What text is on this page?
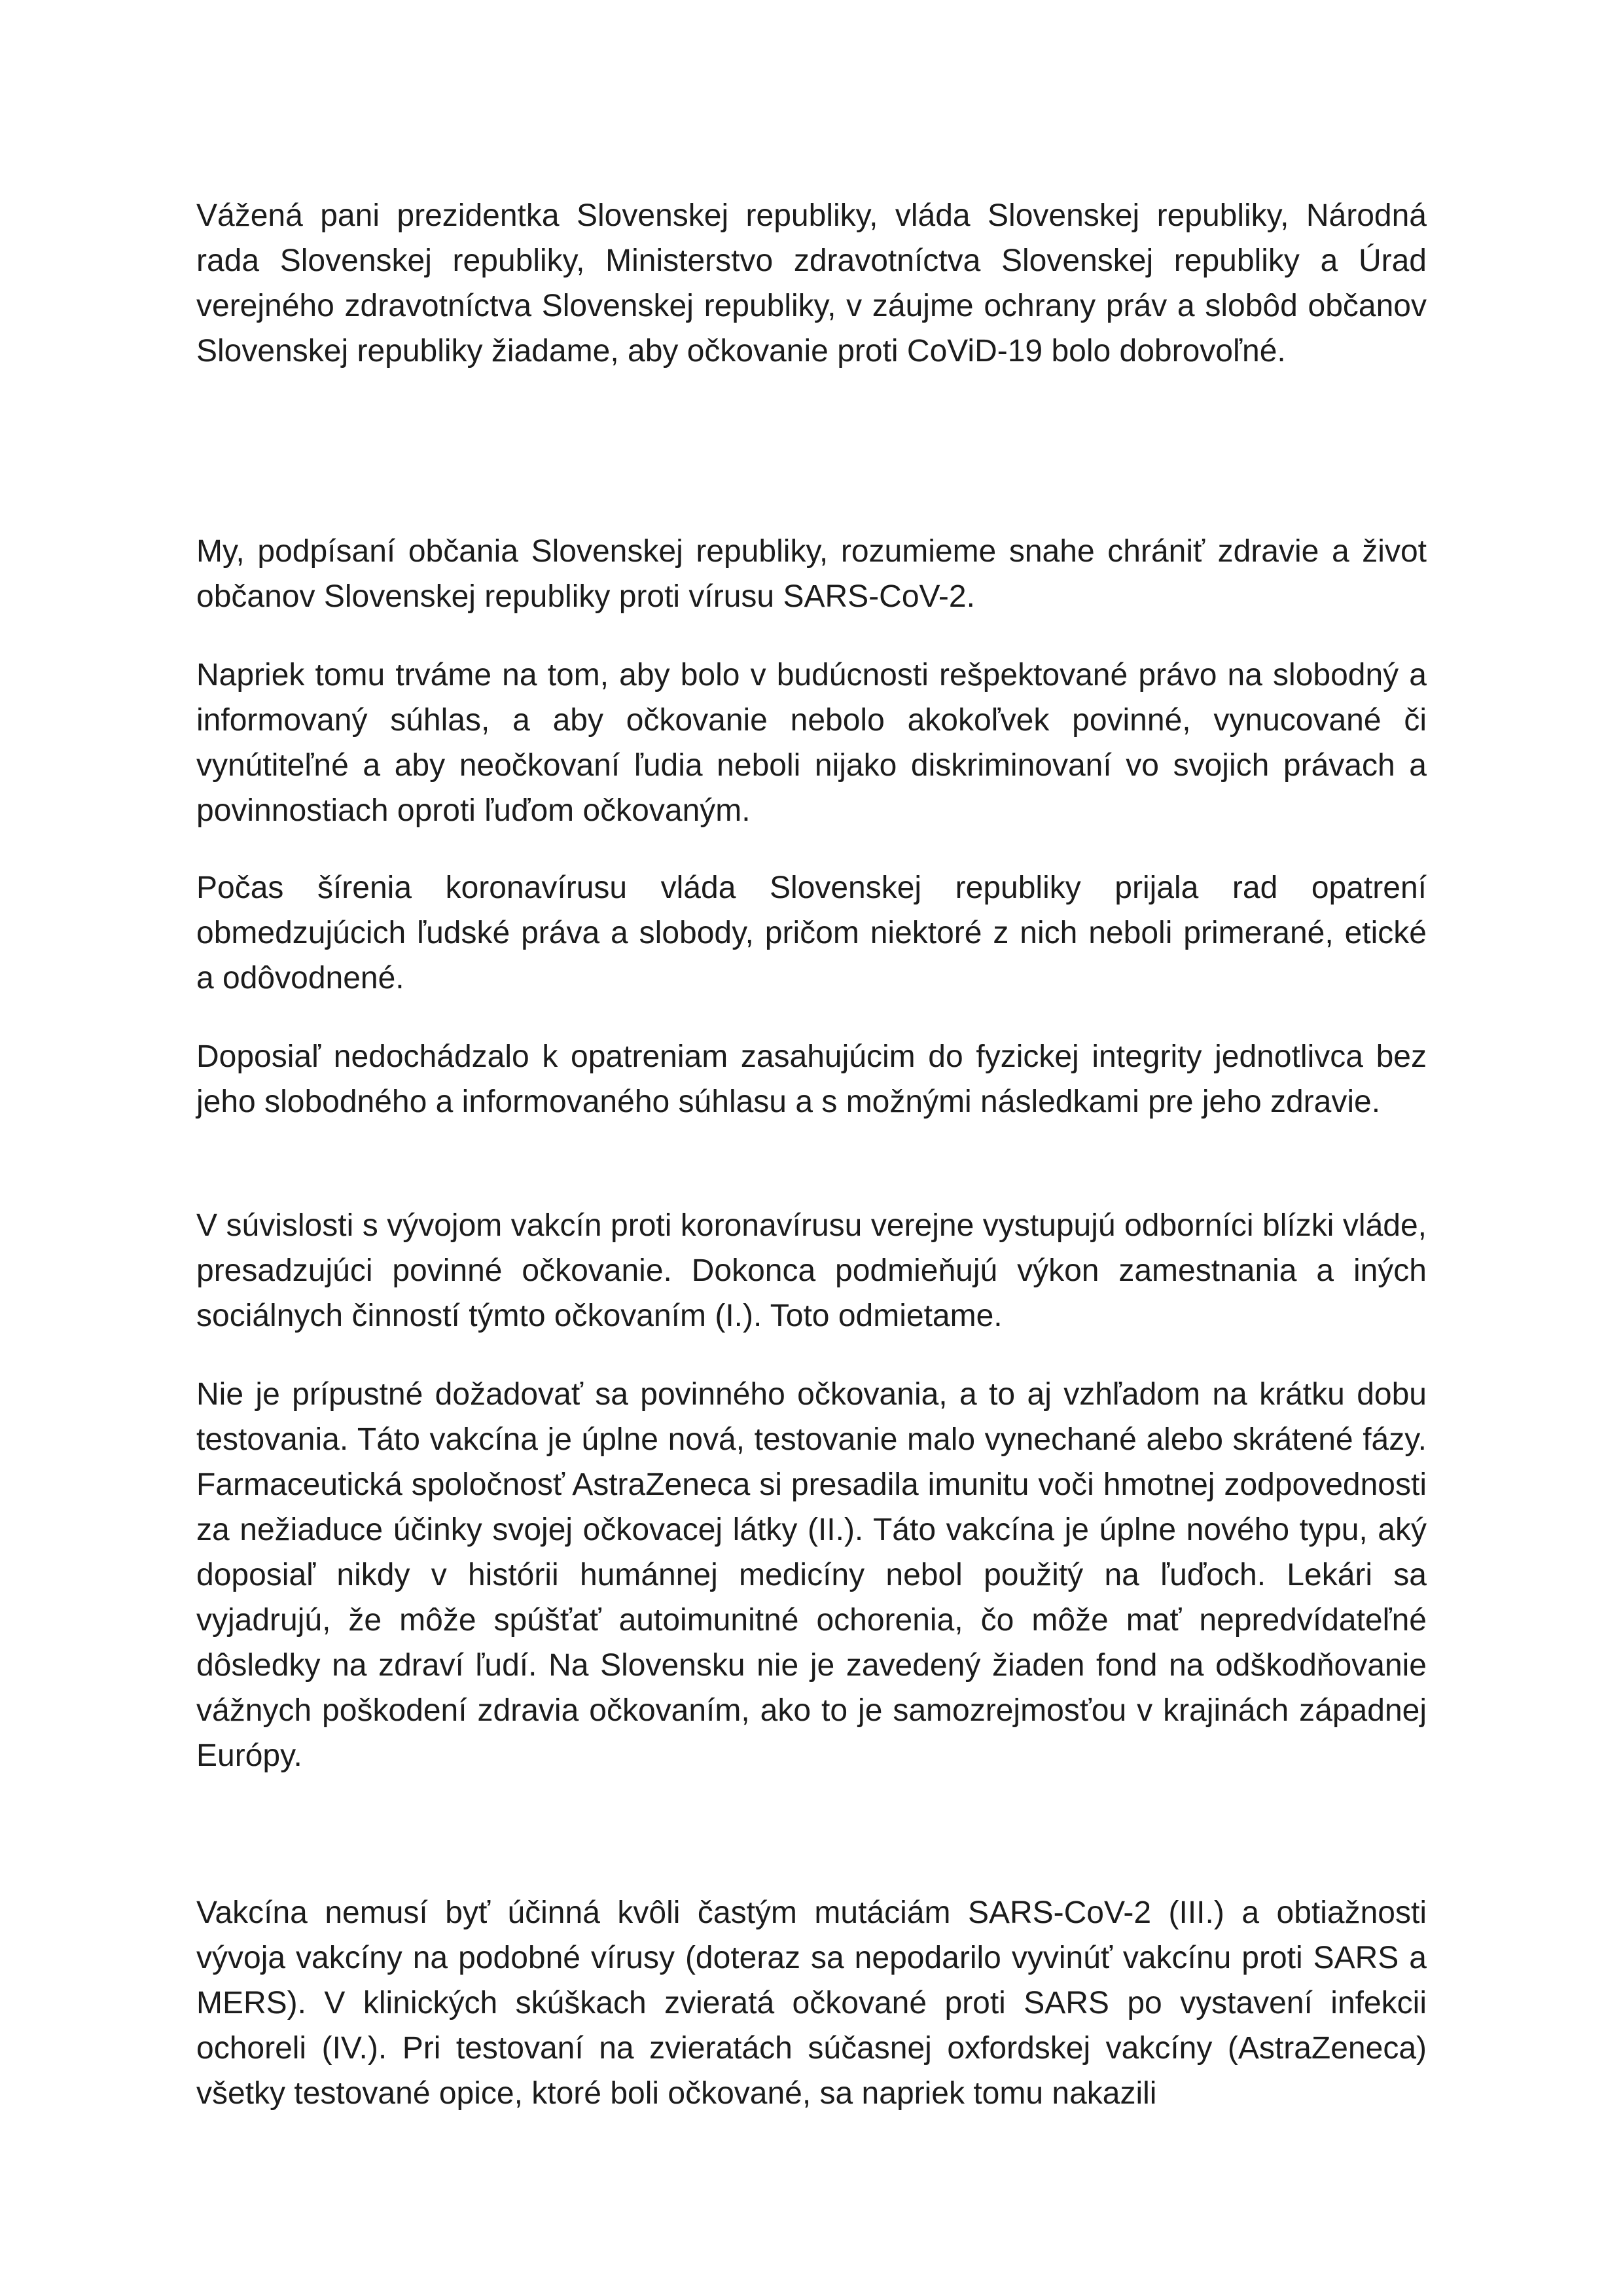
Vážená pani prezidentka Slovenskej republiky, vláda Slovenskej republiky, Národná rada Slovenskej republiky, Ministerstvo zdravotníctva Slovenskej republiky a Úrad verejného zdravotníctva Slovenskej republiky, v záujme ochrany práv a slobôd občanov Slovenskej republiky žiadame, aby očkovanie proti CoViD-19 bolo dobrovoľné.

My, podpísaní občania Slovenskej republiky, rozumieme snahe chrániť zdravie a život občanov Slovenskej republiky proti vírusu SARS-CoV-2.

Napriek tomu trváme na tom, aby bolo v budúcnosti rešpektované právo na slobodný a informovaný súhlas, a aby očkovanie nebolo akokoľvek povinné, vynucované či vynútiteľné a aby neočkovaní ľudia neboli nijako diskriminovaní vo svojich právach a povinnostiach oproti ľuďom očkovaným.

Počas šírenia koronavírusu vláda Slovenskej republiky prijala rad opatrení obmedzujúcich ľudské práva a slobody, pričom niektoré z nich neboli primerané, etické a odôvodnené.

Doposiaľ nedochádzalo k opatreniam zasahujúcim do fyzickej integrity jednotlivca bez jeho slobodného a informovaného súhlasu a s možnými následkami pre jeho zdravie.

V súvislosti s vývojom vakcín proti koronavírusu verejne vystupujú odborníci blízki vláde, presadzujúci povinné očkovanie. Dokonca podmieňujú výkon zamestnania a iných sociálnych činností týmto očkovaním (I.). Toto odmietame.

Nie je prípustné dožadovať sa povinného očkovania, a to aj vzhľadom na krátku dobu testovania. Táto vakcína je úplne nová, testovanie malo vynechané alebo skrátené fázy. Farmaceutická spoločnosť AstraZeneca si presadila imunitu voči hmotnej zodpovednosti za nežiaduce účinky svojej očkovacej látky (II.). Táto vakcína je úplne nového typu, aký doposiaľ nikdy v histórii humánnej medicíny nebol použitý na ľuďoch. Lekári sa vyjadrujú, že môže spúšťať autoimunitné ochorenia, čo môže mať nepredvídateľné dôsledky na zdraví ľudí. Na Slovensku nie je zavedený žiaden fond na odškodňovanie vážnych poškodení zdravia očkovaním, ako to je samozrejmosťou v krajinách západnej Európy.

Vakcína nemusí byť účinná kvôli častým mutáciám SARS-CoV-2 (III.) a obtiažnosti vývoja vakcíny na podobné vírusy (doteraz sa nepodarilo vyvinúť vakcínu proti SARS a MERS). V klinických skúškach zvieratá očkované proti SARS po vystavení infekcii ochoreli (IV.). Pri testovaní na zvieratách súčasnej oxfordskej vakcíny (AstraZeneca) všetky testované opice, ktoré boli očkované, sa napriek tomu nakazili
